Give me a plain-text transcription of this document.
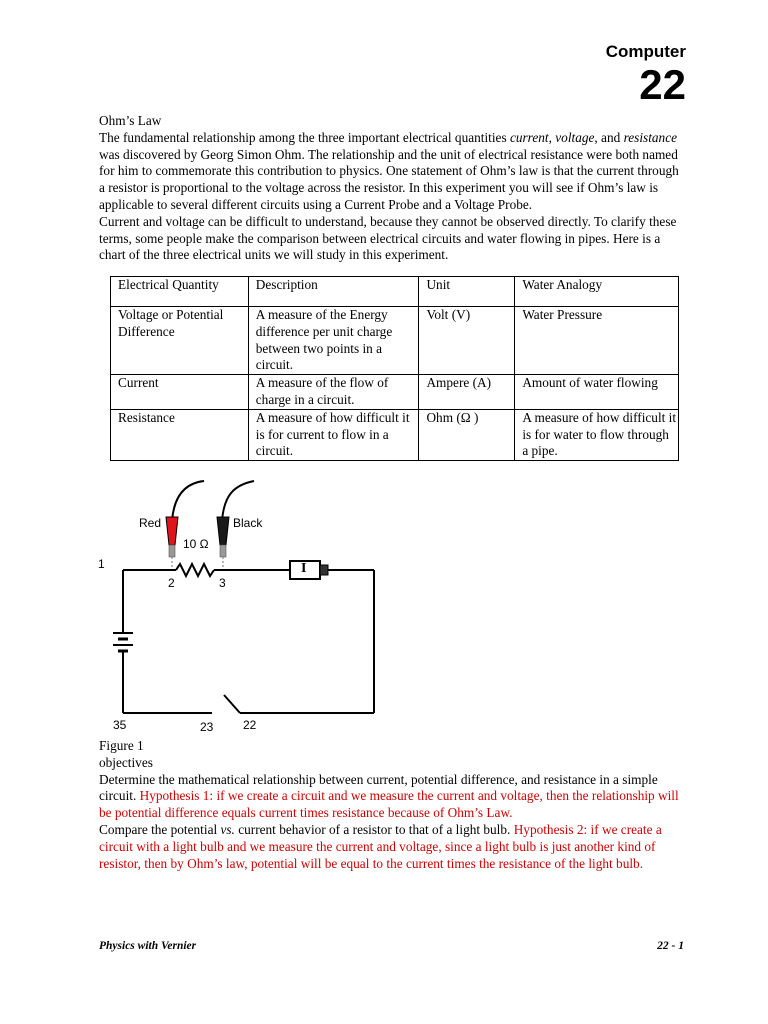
Computer
22

Ohm’s Law

The fundamental relationship among the three important electrical quantities current, voltage, and resistance was discovered by Georg Simon Ohm. The relationship and the unit of electrical resistance were both named for him to commemorate this contribution to physics. One statement of Ohm’s law is that the current through a resistor is proportional to the voltage across the resistor. In this experiment you will see if Ohm’s law is applicable to several different circuits using a Current Probe and a Voltage Probe.

Current and voltage can be difficult to understand, because they cannot be observed directly. To clarify these terms, some people make the comparison between electrical circuits and water flowing in pipes. Here is a chart of the three electrical units we will study in this experiment.

Electrical Quantity	Description	Unit	Water Analogy
Voltage or Potential Difference	A measure of the Energy difference per unit charge between two points in a circuit.	Volt (V)	Water Pressure
Current	A measure of the flow of charge in a circuit.	Ampere (A)	Amount of water flowing
Resistance	A measure of how difficult it is for current to flow in a circuit.	Ohm (Ω )	A measure of how difficult it is for water to flow through a pipe.
Red	Black
10 Ω
I
1
2	3
35	23 22

Figure 1

objectives

Determine the mathematical relationship between current, potential difference, and resistance in a simple circuit. Hypothesis 1: if we create a circuit and we measure the current and voltage, then the relationship will be potential difference equals current times resistance because of Ohm’s Law.

Compare the potential vs. current behavior of a resistor to that of a light bulb. Hypothesis 2: if we create a circuit with a light bulb and we measure the current and voltage, since a light bulb is just another kind of resistor, then by Ohm’s law, potential will be equal to the current times the resistance of the light bulb.

Physics with Vernier	22 - 1
